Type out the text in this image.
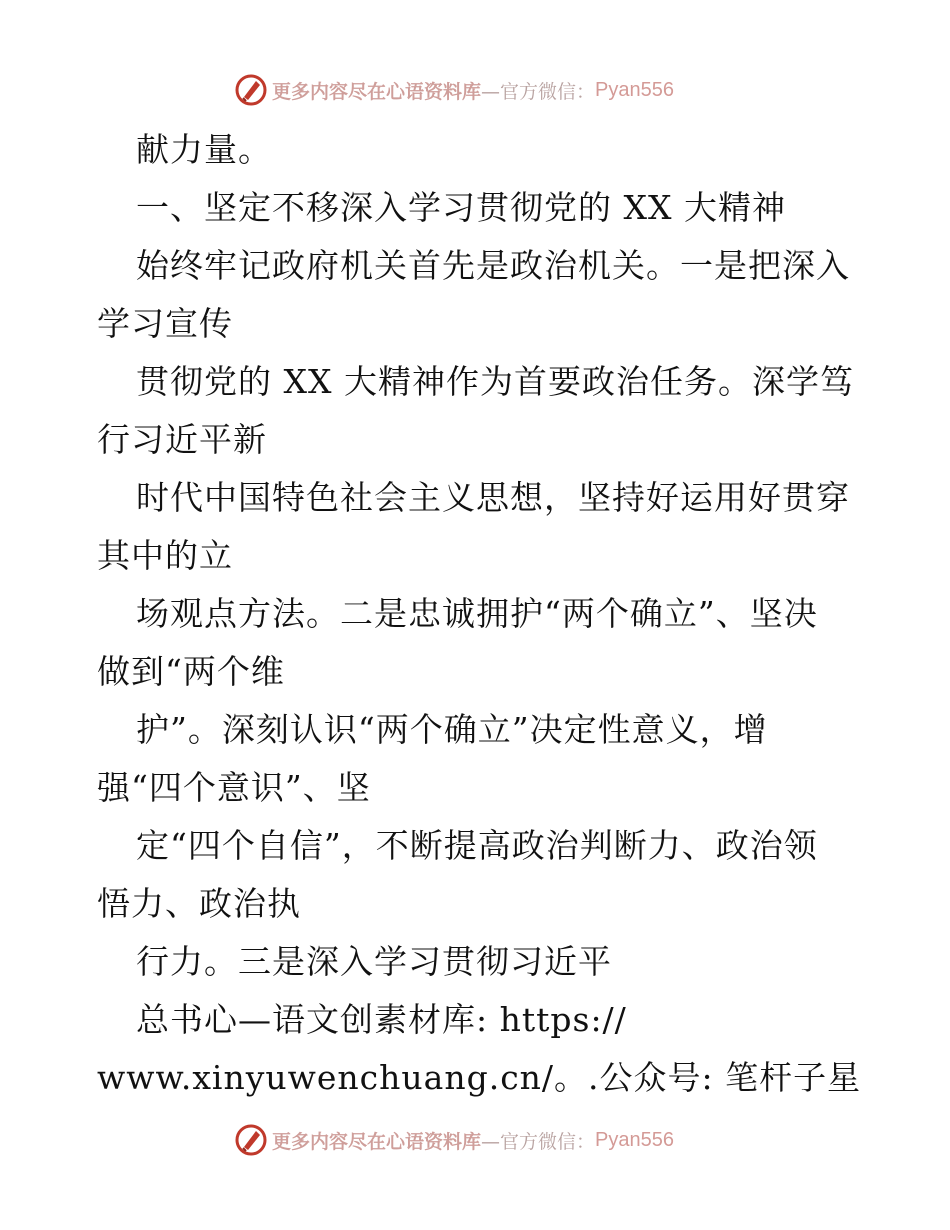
更多内容尽在心语资料库 —官方微信： Pyan556
献力量。
一、坚定不移深入学习贯彻党的 XX 大精神
始终牢记政府机关首先是政治机关。一是把深入
学习宣传
贯彻党的 XX 大精神作为首要政治任务。深学笃
行习近平新
时代中国特色社会主义思想，坚持好运用好贯穿
其中的立
场观点方法。二是忠诚拥护“两个确立”、坚决
做到“两个维
护”。深刻认识“两个确立”决定性意义，增
强“四个意识”、坚
定“四个自信”，不断提高政治判断力、政治领
悟力、政治执
行力。三是深入学习贯彻习近平
总书心—语文创素材库: https://
www.xinyuwenchuang.cn/。.公众号: 笔杆子星
更多内容尽在心语资料库 —官方微信： Pyan556
